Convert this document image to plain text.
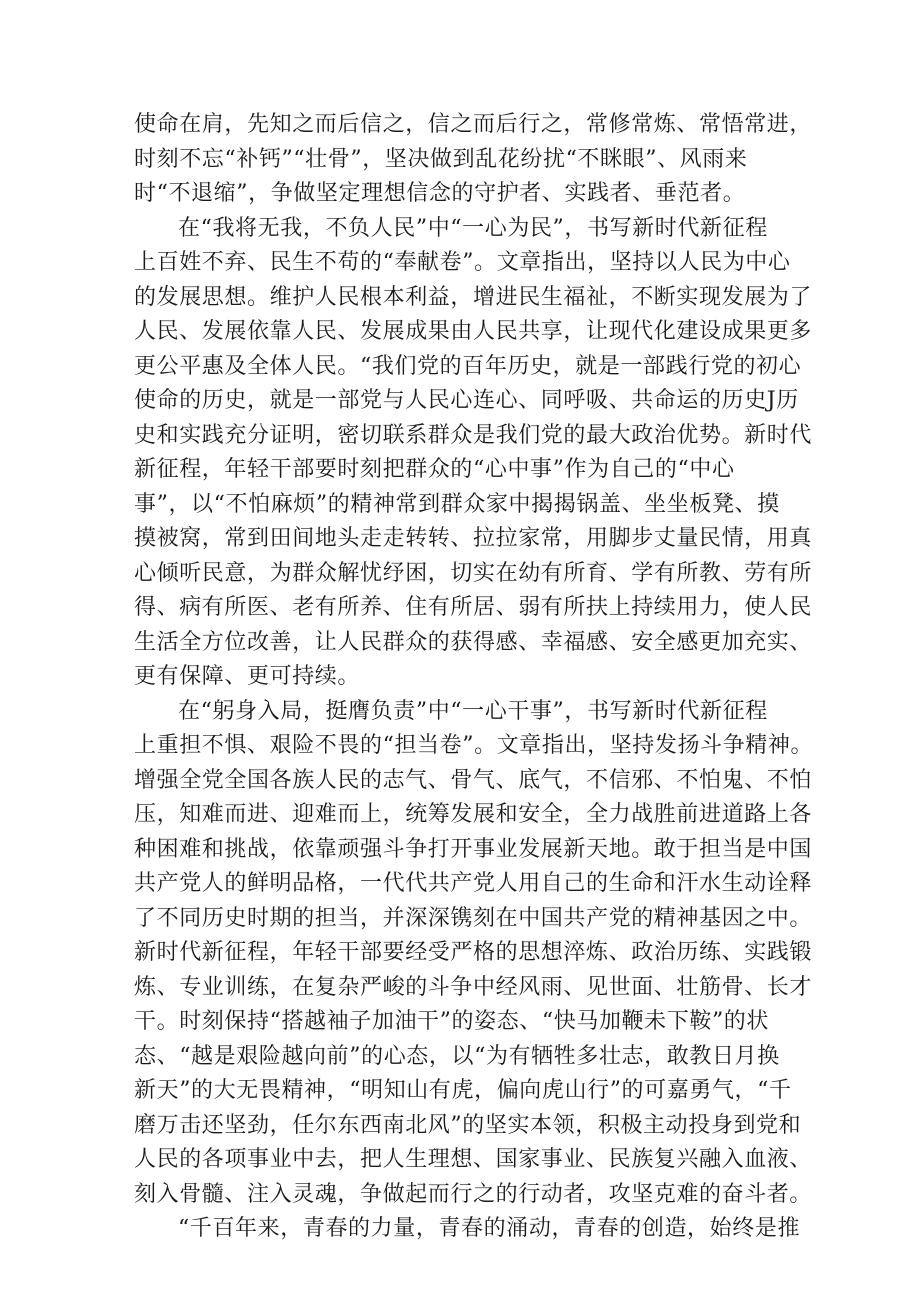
使命在肩，先知之而后信之，信之而后行之，常修常炼、常悟常进，
时刻不忘“补钙”“壮骨”，坚决做到乱花纷扰“不眯眼”、风雨来
时“不退缩”，争做坚定理想信念的守护者、实践者、垂范者。
在“我将无我，不负人民”中“一心为民”，书写新时代新征程
上百姓不弃、民生不苟的“奉献卷”。文章指出，坚持以人民为中心
的发展思想。维护人民根本利益，增进民生福祉，不断实现发展为了
人民、发展依靠人民、发展成果由人民共享，让现代化建设成果更多
更公平惠及全体人民。“我们党的百年历史，就是一部践行党的初心
使命的历史，就是一部党与人民心连心、同呼吸、共命运的历史J历
史和实践充分证明，密切联系群众是我们党的最大政治优势。新时代
新征程，年轻干部要时刻把群众的“心中事”作为自己的“中心
事”，以“不怕麻烦”的精神常到群众家中揭揭锅盖、坐坐板凳、摸
摸被窝，常到田间地头走走转转、拉拉家常，用脚步丈量民情，用真
心倾听民意，为群众解忧纾困，切实在幼有所育、学有所教、劳有所
得、病有所医、老有所养、住有所居、弱有所扶上持续用力，使人民
生活全方位改善，让人民群众的获得感、幸福感、安全感更加充实、
更有保障、更可持续。
在“躬身入局，挺膺负责”中“一心干事”，书写新时代新征程
上重担不惧、艰险不畏的“担当卷”。文章指出，坚持发扬斗争精神。
增强全党全国各族人民的志气、骨气、底气，不信邪、不怕鬼、不怕
压，知难而进、迎难而上，统筹发展和安全，全力战胜前进道路上各
种困难和挑战，依靠顽强斗争打开事业发展新天地。敢于担当是中国
共产党人的鲜明品格，一代代共产党人用自己的生命和汗水生动诠释
了不同历史时期的担当，并深深镌刻在中国共产党的精神基因之中。
新时代新征程，年轻干部要经受严格的思想淬炼、政治历练、实践锻
炼、专业训练，在复杂严峻的斗争中经风雨、见世面、壮筋骨、长才
干。时刻保持“搭越袖子加油干”的姿态、“快马加鞭未下鞍”的状
态、“越是艰险越向前”的心态，以“为有牺牲多壮志，敢教日月换
新天”的大无畏精神，“明知山有虎，偏向虎山行”的可嘉勇气，“千
磨万击还坚劲，任尔东西南北风”的坚实本领，积极主动投身到党和
人民的各项事业中去，把人生理想、国家事业、民族复兴融入血液、
刻入骨髓、注入灵魂，争做起而行之的行动者，攻坚克难的奋斗者。
“千百年来，青春的力量，青春的涌动，青春的创造，始终是推
